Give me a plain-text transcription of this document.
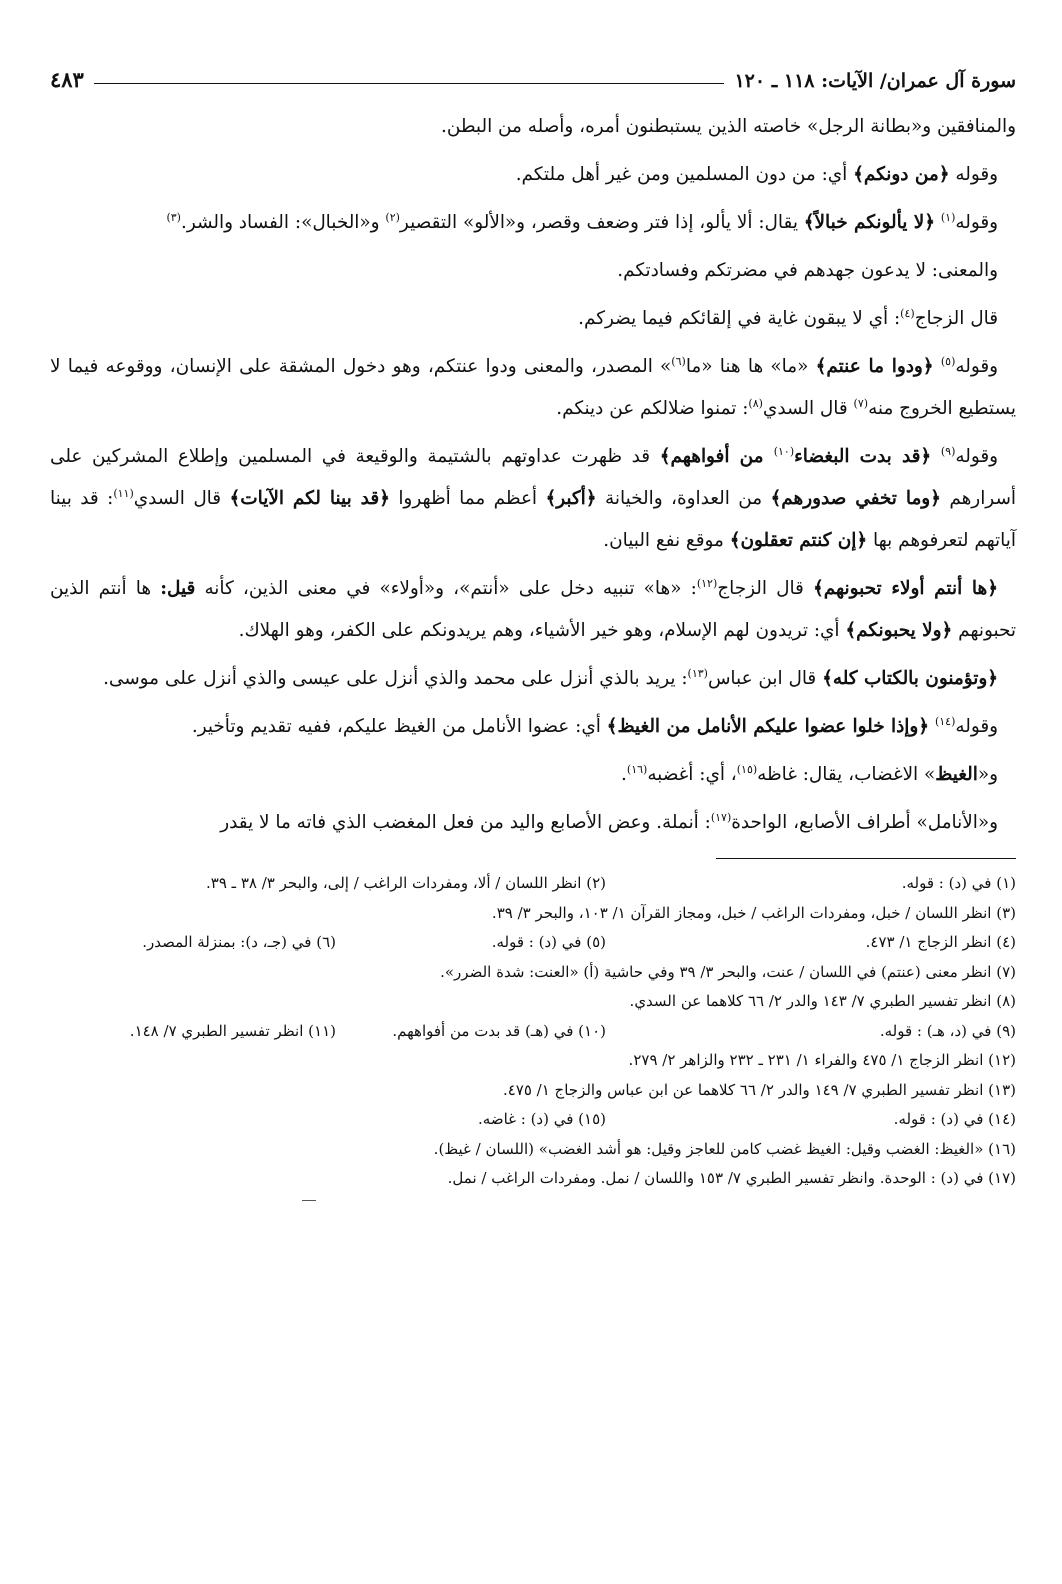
سورة آل عمران/ الآيات: ١١٨ ـ ١٢٠
٤٨٣

والمنافقين و«بطانة الرجل» خاصته الذين يستبطنون أمره، وأصله من البطن.

وقوله ﴿من دونكم﴾ أي: من دون المسلمين ومن غير أهل ملتكم.

وقوله$^{(١)}$ ﴿لا يألونكم خبالاً﴾ يقال: ألا يألو، إذا فتر وضعف وقصر، و«الألو» التقصير$^{(٢)}$ و«الخبال»: الفساد والشر.$^{(٣)}$

والمعنى: لا يدعون جهدهم في مضرتكم وفسادتكم.

قال الزجاج$^{(٤)}$: أي لا يبقون غاية في إلقائكم فيما يضركم.

وقوله$^{(٥)}$ ﴿ودوا ما عنتم﴾ «ما» ها هنا «ما$^{(٦)}$» المصدر، والمعنى ودوا عنتكم، وهو دخول المشقة على الإنسان، ووقوعه فيما لا يستطيع الخروج منه$^{(٧)}$ قال السدي$^{(٨)}$: تمنوا ضلالكم عن دينكم.

وقوله$^{(٩)}$ ﴿قد بدت البغضاء$^{(١٠)}$ من أفواههم﴾ قد ظهرت عداوتهم بالشتيمة والوقيعة في المسلمين وإطلاع المشركين على أسرارهم ﴿وما تخفي صدورهم﴾ من العداوة، والخيانة ﴿أكبر﴾ أعظم مما أظهروا ﴿قد بينا لكم الآيات﴾ قال السدي$^{(١١)}$: قد بينا آياتهم لتعرفوهم بها ﴿إن كنتم تعقلون﴾ موقع نفع البيان.

﴿ها أنتم أولاء تحبونهم﴾ قال الزجاج$^{(١٢)}$: «ها» تنبيه دخل على «أنتم»، و«أولاء» في معنى الذين، كأنه قيل: ها أنتم الذين تحبونهم ﴿ولا يحبونكم﴾ أي: تريدون لهم الإسلام، وهو خير الأشياء، وهم يريدونكم على الكفر، وهو الهلاك.

﴿وتؤمنون بالكتاب كله﴾ قال ابن عباس$^{(١٣)}$: يريد بالذي أنزل على محمد والذي أنزل على عيسى والذي أنزل على موسى.

وقوله$^{(١٤)}$ ﴿وإذا خلوا عضوا عليكم الأنامل من الغيظ﴾ أي: عضوا الأنامل من الغيظ عليكم، ففيه تقديم وتأخير.

و«الغيظ» الاغضاب، يقال: غاظه$^{(١٥)}$، أي: أغضبه$^{(١٦)}$.

و«الأنامل» أطراف الأصابع، الواحدة$^{(١٧)}$: أنملة. وعض الأصابع واليد من فعل المغضب الذي فاته ما لا يقدر

(١) في (د) : قوله.
(٢) انظر اللسان / ألا، ومفردات الراغب / إلى، والبحر ٣/ ٣٨ ـ ٣٩.
(٣) انظر اللسان / خبل، ومفردات الراغب / خبل، ومجاز القرآن ١/ ١٠٣، والبحر ٣/ ٣٩.
(٤) انظر الزجاج ١/ ٤٧٣.
(٥) في (د) : قوله.
(٦) في (جـ، د): بمنزلة المصدر.
(٧) انظر معنى (عنتم) في اللسان / عنت، والبحر ٣/ ٣٩ وفي حاشية (أ) «العنت: شدة الضرر».
(٨) انظر تفسير الطبري ٧/ ١٤٣ والدر ٢/ ٦٦ كلاهما عن السدي.
(٩) في (د، هـ) : قوله.
(١٠) في (هـ) قد بدت من أفواههم.
(١١) انظر تفسير الطبري ٧/ ١٤٨.
(١٢) انظر الزجاج ١/ ٤٧٥ والفراء ١/ ٢٣١ ـ ٢٣٢ والزاهر ٢/ ٢٧٩.
(١٣) انظر تفسير الطبري ٧/ ١٤٩ والدر ٢/ ٦٦ كلاهما عن ابن عباس والزجاج ١/ ٤٧٥.
(١٤) في (د) : قوله.
(١٥) في (د) : غاضه.
(١٦) «الغيظ: الغضب وقيل: الغيظ غضب كامن للعاجز وقيل: هو أشد الغضب» (اللسان / غيظ).
(١٧) في (د) : الوحدة. وانظر تفسير الطبري ٧/ ١٥٣ واللسان / نمل. ومفردات الراغب / نمل.
